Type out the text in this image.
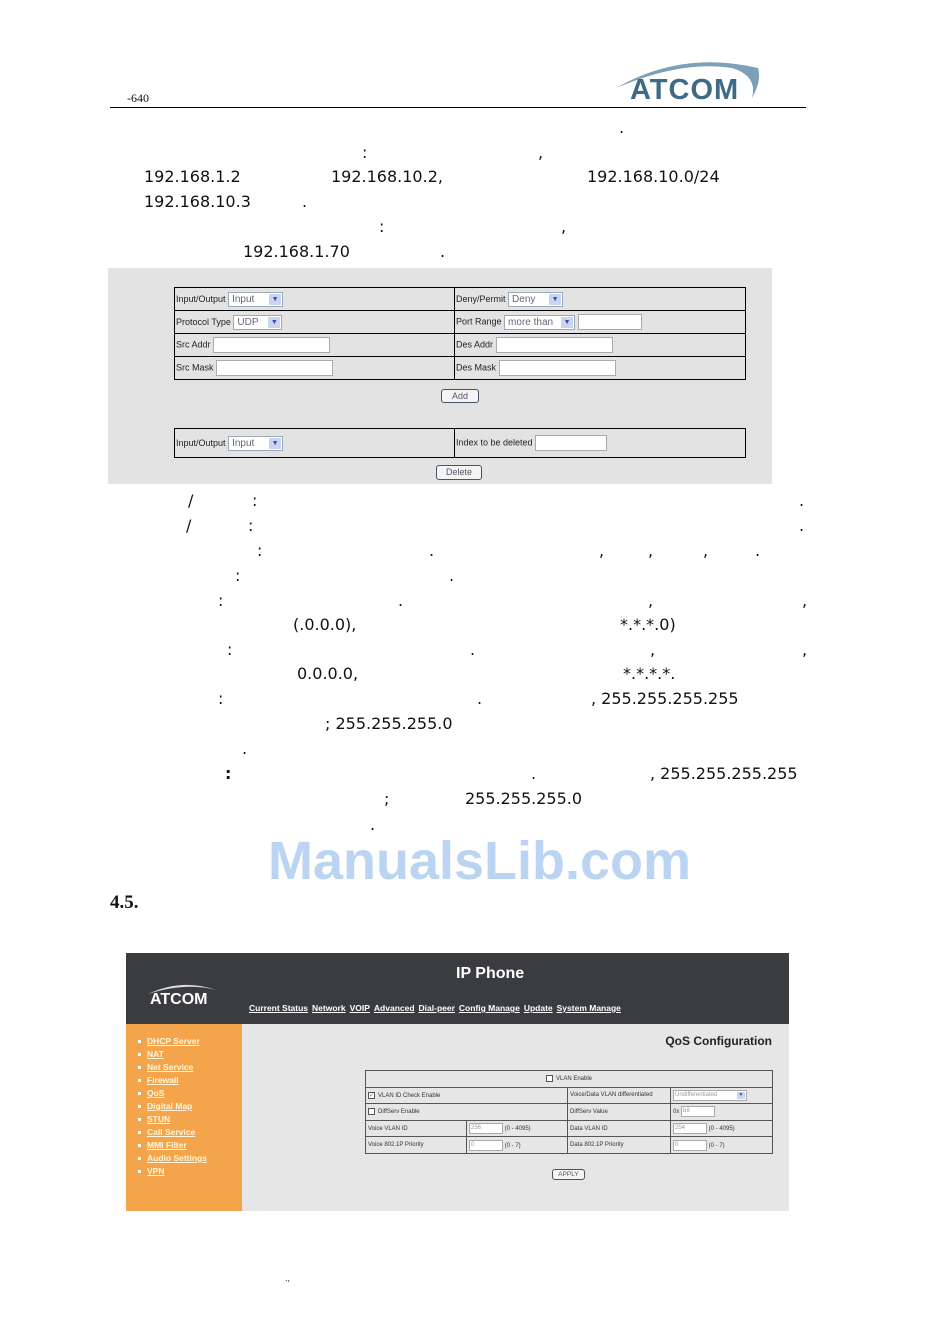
-640	ATCOM
.
:	,
192.168.1.2	192.168.10.2,	192.168.10.0/24
192.168.10.3	.
:	,
192.168.1.70	.
Input/Output Input ▼	Deny/Permit Deny ▼

Protocol Type UDP ▼	Port Range more than ▼

Src Addr	Des Addr
Src Mask	Des Mask
Add
Input/Output Input	▼	Index to be deleted
Delete
/	:	.
/	:	.
:	.	,	,	,	.
:	.
:	.	,	,
(.0.0.0),	*.*.*.0)
:	.	,	,
0.0.0.0,	*.*.*.*.
:	.	, 255.255.255.255
; 255.255.255.0
.
:	.	, 255.255.255.255
;	255.255.255.0
.
ManualsLib.com
4.5.
IP Phone
ATCOM	Current Status Network VOIP Advanced Dial-peer Config Manage Update System Manage
DHCP Server
NAT
Net Service
Firewall
QoS
Digital Map
STUN
Call Service
MMI Filter
Audio Settings
VPN
QoS Configuration
VLAN Enable			
✓ VLAN ID Check Enable		Voice/Data VLAN differentiated	Undifferentiated ▼

DiffServ Enable		DiffServ Value	0x b8
Voice VLAN ID	256 (0 - 4095)	Data VLAN ID	254 (0 - 4095)
Voice 802.1P Priority	0 (0 - 7)	Data 802.1P Priority	0 (0 - 7)
APPLY
.,
